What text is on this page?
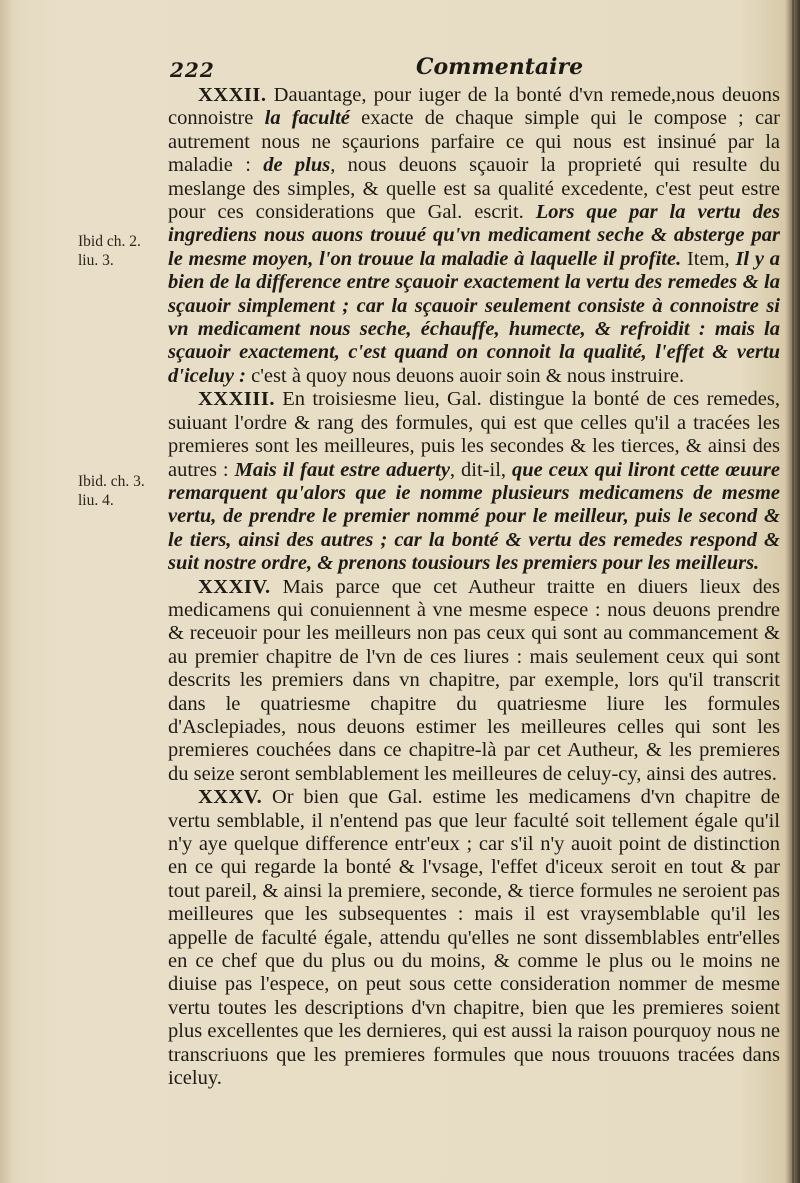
222	Commentaire
Ibid ch. 2.
liu. 3.
Ibid. ch. 3.
liu. 4.

XXXII. Dauantage, pour iuger de la bonté d'vn remede,nous deuons connoistre la faculté exacte de chaque simple qui le compose ; car autrement nous ne sçaurions parfaire ce qui nous est insinué par la maladie : de plus, nous deuons sçauoir la proprieté qui resulte du meslange des simples, & quelle est sa qualité excedente, c'est peut estre pour ces considerations que Gal. escrit. Lors que par la vertu des ingrediens nous auons trouué qu'vn medicament seche & absterge par le mesme moyen, l'on trouue la maladie à laquelle il profite. Item, Il y a bien de la difference entre sçauoir exactement la vertu des remedes & la sçauoir simplement ; car la sçauoir seulement consiste à connoistre si vn medicament nous seche, échauffe, humecte, & refroidit : mais la sçauoir exactement, c'est quand on connoit la qualité, l'effet & vertu d'iceluy : c'est à quoy nous deuons auoir soin & nous instruire.

XXXIII. En troisiesme lieu, Gal. distingue la bonté de ces remedes, suiuant l'ordre & rang des formules, qui est que celles qu'il a tracées les premieres sont les meilleures, puis les secondes & les tierces, & ainsi des autres : Mais il faut estre aduerty, dit-il, que ceux qui liront cette œuure remarquent qu'alors que ie nomme plusieurs medicamens de mesme vertu, de prendre le premier nommé pour le meilleur, puis le second & le tiers, ainsi des autres ; car la bonté & vertu des remedes respond & suit nostre ordre, & prenons tousiours les premiers pour les meilleurs.

XXXIV. Mais parce que cet Autheur traitte en diuers lieux des medicamens qui conuiennent à vne mesme espece : nous deuons prendre & receuoir pour les meilleurs non pas ceux qui sont au commancement & au premier chapitre de l'vn de ces liures : mais seulement ceux qui sont descrits les premiers dans vn chapitre, par exemple, lors qu'il transcrit dans le quatriesme chapitre du quatriesme liure les formules d'Asclepiades, nous deuons estimer les meilleures celles qui sont les premieres couchées dans ce chapitre-là par cet Autheur, & les premieres du seize seront semblablement les meilleures de celuy-cy, ainsi des autres.

XXXV. Or bien que Gal. estime les medicamens d'vn chapitre de vertu semblable, il n'entend pas que leur faculté soit tellement égale qu'il n'y aye quelque difference entr'eux ; car s'il n'y auoit point de distinction en ce qui regarde la bonté & l'vsage, l'effet d'iceux seroit en tout & par tout pareil, & ainsi la premiere, seconde, & tierce formules ne seroient pas meilleures que les subsequentes : mais il est vraysemblable qu'il les appelle de faculté égale, attendu qu'elles ne sont dissemblables entr'elles en ce chef que du plus ou du moins, & comme le plus ou le moins ne diuise pas l'espece, on peut sous cette consideration nommer de mesme vertu toutes les descriptions d'vn chapitre, bien que les premieres soient plus excellentes que les dernieres, qui est aussi la raison pourquoy nous ne transcriuons que les premieres formules que nous trouuons tracées dans iceluy.
